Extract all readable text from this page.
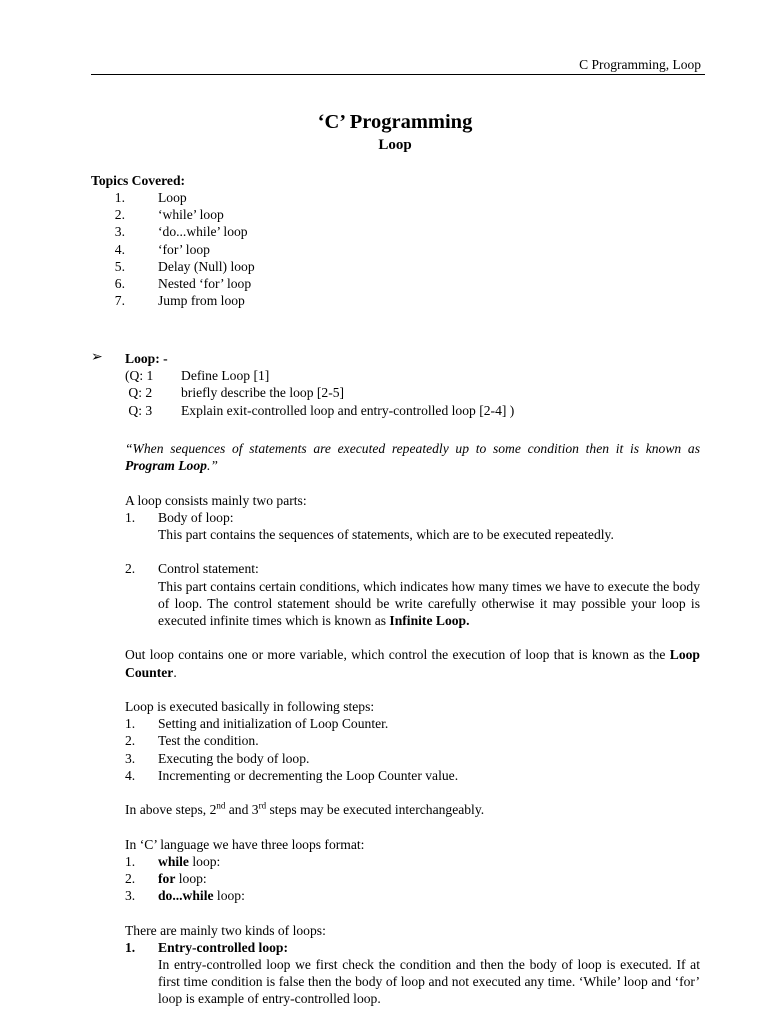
C Programming, Loop
‘C’ Programming
Loop
Topics Covered:
1. Loop
2. ‘while’ loop
3. ‘do...while’ loop
4. ‘for’ loop
5. Delay (Null) loop
6. Nested ‘for’ loop
7. Jump from loop
➢ Loop: -
(Q: 1 Define Loop [1]
Q: 2 briefly describe the loop [2-5]
Q: 3 Explain exit-controlled loop and entry-controlled loop [2-4] )

“When sequences of statements are executed repeatedly up to some condition then it is known as Program Loop.”

A loop consists mainly two parts:

1.	Body of loop:
This part contains the sequences of statements, which are to be executed repeatedly.
2.	Control statement:
This part contains certain conditions, which indicates how many times we have to execute the body of loop. The control statement should be write carefully otherwise it may possible your loop is executed infinite times which is known as Infinite Loop.

Out loop contains one or more variable, which control the execution of loop that is known as the Loop Counter.

Loop is executed basically in following steps:

1.	Setting and initialization of Loop Counter.
2.	Test the condition.
3.	Executing the body of loop.
4.	Incrementing or decrementing the Loop Counter value.

In above steps, 2nd and 3rd steps may be executed interchangeably.

In ‘C’ language we have three loops format:

1.	while loop:
2.	for loop:
3.	do...while loop:

There are mainly two kinds of loops:

1.	Entry-controlled loop:
In entry-controlled loop we first check the condition and then the body of loop is executed. If at first time condition is false then the body of loop and not executed any time. ‘While’ loop and ‘for’ loop is example of entry-controlled loop.
